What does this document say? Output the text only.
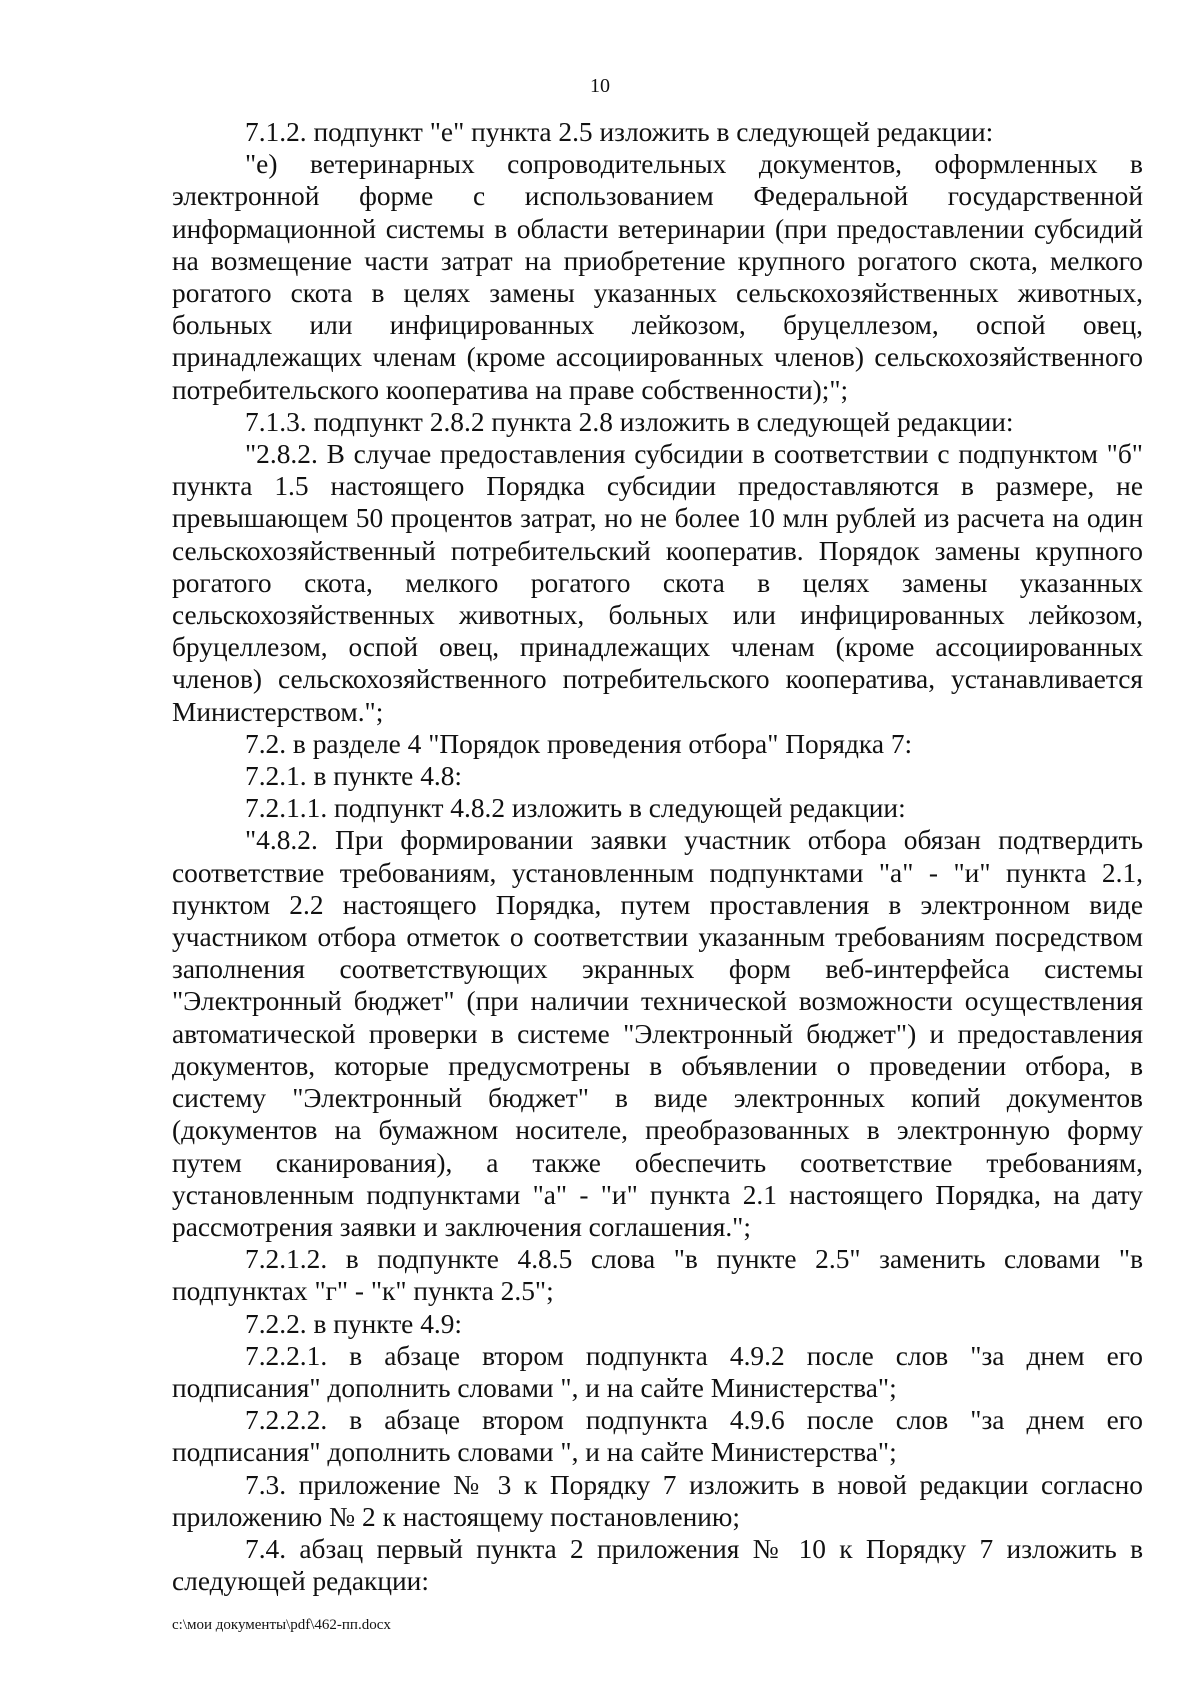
10

7.1.2. подпункт "е" пункта 2.5 изложить в следующей редакции:

"е) ветеринарных сопроводительных документов, оформленных в электронной форме с использованием Федеральной государственной информационной системы в области ветеринарии (при предоставлении субсидий на возмещение части затрат на приобретение крупного рогатого скота, мелкого рогатого скота в целях замены указанных сельскохозяйственных животных, больных или инфицированных лейкозом, бруцеллезом, оспой овец, принадлежащих членам (кроме ассоциированных членов) сельскохозяйственного потребительского кооператива на праве собственности);";

7.1.3. подпункт 2.8.2 пункта 2.8 изложить в следующей редакции:

"2.8.2. В случае предоставления субсидии в соответствии с подпунктом "б" пункта 1.5 настоящего Порядка субсидии предоставляются в размере, не превышающем 50 процентов затрат, но не более 10 млн рублей из расчета на один сельскохозяйственный потребительский кооператив. Порядок замены крупного рогатого скота, мелкого рогатого скота в целях замены указанных сельскохозяйственных животных, больных или инфицированных лейкозом, бруцеллезом, оспой овец, принадлежащих членам (кроме ассоциированных членов) сельскохозяйственного потребительского кооператива, устанавливается Министерством.";

7.2. в разделе 4 "Порядок проведения отбора" Порядка 7:

7.2.1. в пункте 4.8:

7.2.1.1. подпункт 4.8.2 изложить в следующей редакции:

"4.8.2. При формировании заявки участник отбора обязан подтвердить соответствие требованиям, установленным подпунктами "а" - "и" пункта 2.1, пунктом 2.2 настоящего Порядка, путем проставления в электронном виде участником отбора отметок о соответствии указанным требованиям посредством заполнения соответствующих экранных форм веб-интерфейса системы "Электронный бюджет" (при наличии технической возможности осуществления автоматической проверки в системе "Электронный бюджет") и предоставления документов, которые предусмотрены в объявлении о проведении отбора, в систему "Электронный бюджет" в виде электронных копий документов (документов на бумажном носителе, преобразованных в электронную форму путем сканирования), а также обеспечить соответствие требованиям, установленным подпунктами "а" - "и" пункта 2.1 настоящего Порядка, на дату рассмотрения заявки и заключения соглашения.";

7.2.1.2. в подпункте 4.8.5 слова "в пункте 2.5" заменить словами "в подпунктах "г" - "к" пункта 2.5";

7.2.2. в пункте 4.9:

7.2.2.1. в абзаце втором подпункта 4.9.2 после слов "за днем его подписания" дополнить словами ", и на сайте Министерства";

7.2.2.2. в абзаце втором подпункта 4.9.6 после слов "за днем его подписания" дополнить словами ", и на сайте Министерства";

7.3. приложение № 3 к Порядку 7 изложить в новой редакции согласно приложению № 2 к настоящему постановлению;

7.4. абзац первый пункта 2 приложения № 10 к Порядку 7 изложить в следующей редакции:

c:\мои документы\pdf\462-пп.docx
